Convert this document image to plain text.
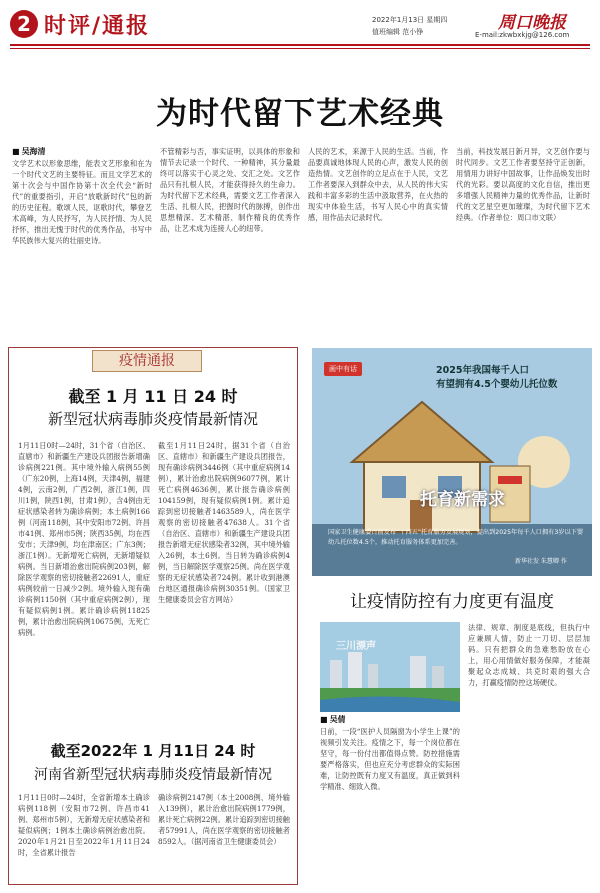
2 时评/通报	2022年1月13日 星期四
值班编辑 范小铮	周口晚报
E-mail:zkwbxkjg@126.com
为时代留下艺术经典
■ 吴海清
文学艺术以形象思维，能表文艺形象和在为一个时代文艺的主要特征。而且文学艺术的第十次会与中国作协第十次全代会“新时代”的重要指引，开启“放歌新时代”包的新的历史征程。歌颂人民，讴歌时代，攀登艺术高峰，为人民抒写，为人民抒情、为人民抒怀，推出无愧于时代的优秀作品，书写中华民族伟大复兴的壮丽史诗。
不管精彩与否，事实证明，以具体的形象和情节去记录一个时代、一种精神，其分量最终可以落实于心灵之处、交汇之处。文艺作品只有扎根人民，才能获得持久的生命力。为时代留下艺术经典，需要文艺工作者深入生活、扎根人民，把握时代的脉搏，创作出思想精深、艺术精湛、制作精良的优秀作品，让艺术成为连接人心的纽带。
人民的艺术，来源于人民的生活。当前，作品要真诚地体现人民的心声，激发人民的创造热情。文艺创作的立足点在于人民，文艺工作者要深入到群众中去，从人民的伟大实践和丰富多彩的生活中汲取营养，在火热的现实中体验生活，书写人民心中的真实情感，用作品去记录时代。
当前，科技发展日新月异，文艺创作要与时代同步。文艺工作者要坚持守正创新，用情用力讲好中国故事，让作品焕发出时代的光彩。要以高度的文化自信，推出更多增强人民精神力量的优秀作品，让新时代的文艺星空更加璀璨，为时代留下艺术经典。（作者单位：周口市文联）
疫情通报
截至 1 月 11 日 24 时
新型冠状病毒肺炎疫情最新情况
1月11日0时—24时，31个省（自治区、直辖市）和新疆生产建设兵团报告新增确诊病例221例。其中境外输入病例55例（广东20例，上海14例，天津4例，福建4例，云南2例，广西2例，浙江1例，四川1例，陕西1例，甘肃1例），含4例由无症状感染者转为确诊病例；本土病例166例（河南118例，其中安阳市72例、许昌市41例、郑州市5例；陕西35例，均在西安市；天津9例，均在津南区；广东3例；浙江1例）。无新增死亡病例，无新增疑似病例。当日新增治愈出院病例203例，解除医学观察的密切接触者22691人，重症病例较前一日减少2例。境外输入现有确诊病例1150例（其中重症病例2例），现有疑似病例1例。累计确诊病例11825例，累计治愈出院病例10675例，无死亡病例。
截至1月11日24时，据31个省（自治区、直辖市）和新疆生产建设兵团报告，现有确诊病例3446例（其中重症病例14例），累计治愈出院病例96077例，累计死亡病例4636例，累计报告确诊病例104159例，现有疑似病例1例。累计追踪到密切接触者1463589人，尚在医学观察的密切接触者47638人。31个省（自治区、直辖市）和新疆生产建设兵团报告新增无症状感染者32例，其中境外输入26例，本土6例。当日转为确诊病例4例，当日解除医学观察25例。尚在医学观察的无症状感染者724例。累计收到港澳台地区通报确诊病例30351例。（国家卫生健康委员会官方网站）
截至2022年 1 月11日 24 时
河南省新型冠状病毒肺炎疫情最新情况
1月11日0时—24时，全省新增本土确诊病例118例（安阳市72例、许昌市41例、郑州市5例），无新增无症状感染者和疑似病例；1例本土确诊病例治愈出院。2020年1月21日至2022年1月11日24时，全省累计报告
确诊病例2147例（本土2008例、境外输入139例），累计治愈出院病例1779例，累计死亡病例22例。累计追踪到密切接触者57991人，尚在医学观察的密切接触者8592人。（据河南省卫生健康委员会）
画中有话	2025年我国每千人口
有望拥有4.5个婴幼儿托位数
托育新需求
国家卫生健康委日前发布“十四五”托育服务发展规划，提出到2025年每千人口拥有3岁以下婴幼儿托位数4.5个，推动托育服务体系更加完善。
新华社发 朱慧卿 作
让疫情防控有力度更有温度
三川漂声
■ 吴倩
日前，一段“医护人员隔窗为小学生上课”的视频引发关注。疫情之下，每一个岗位都在坚守，每一份付出都值得点赞。防控措施需要严格落实，但也应充分考虑群众的实际困难，让防控既有力度又有温度，真正做到科学精准、细致入微。
法律、规章、制度是底线，但执行中应兼顾人情，防止一刀切、层层加码。只有把群众的急难愁盼放在心上，用心用情做好服务保障，才能凝聚起众志成城、共克时艰的强大合力，打赢疫情防控这场硬仗。
